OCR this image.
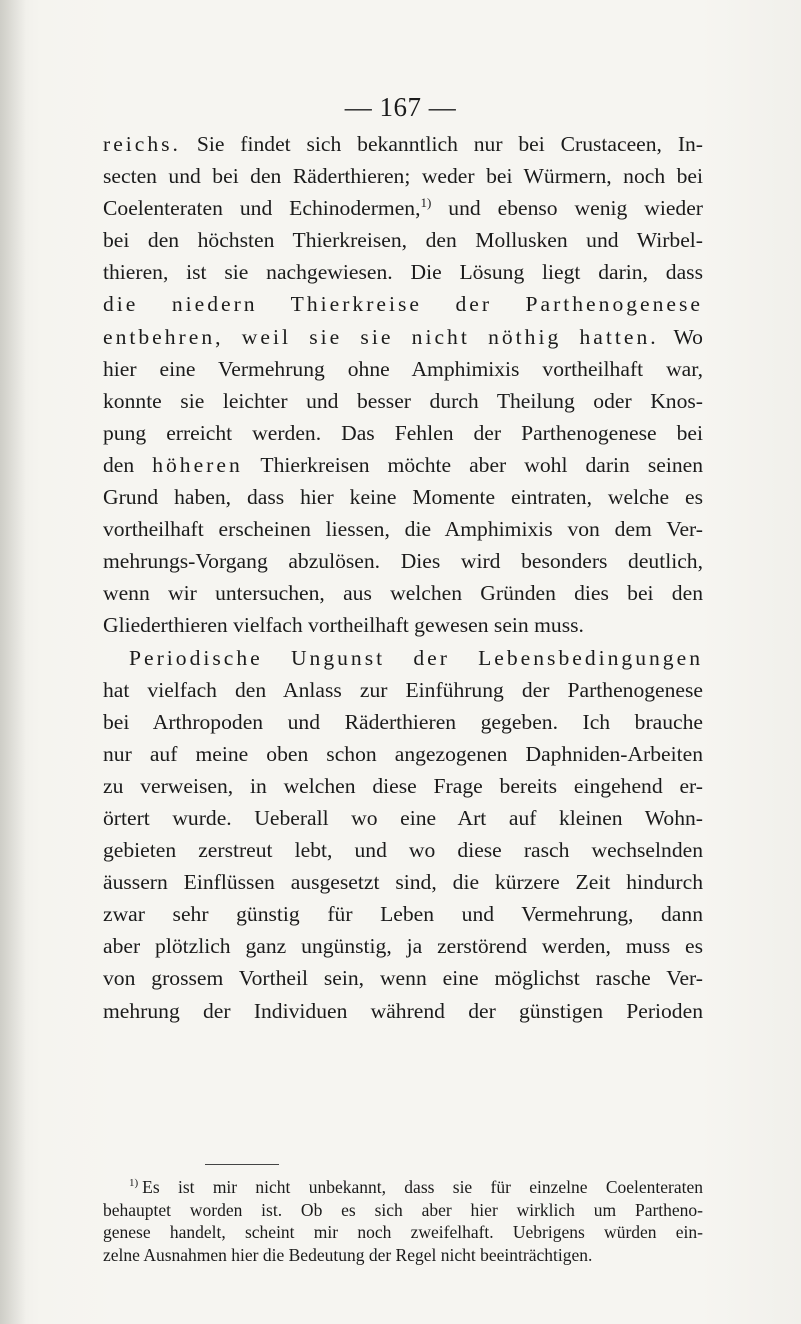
— 167 —
reichs. Sie findet sich bekanntlich nur bei Crustaceen, In-
secten und bei den Räderthieren; weder bei Würmern, noch bei
Coelenteraten und Echinodermen,$^{1)}$ und ebenso wenig wieder
bei den höchsten Thierkreisen, den Mollusken und Wirbel-
thieren, ist sie nachgewiesen. Die Lösung liegt darin, dass
die niedern Thierkreise der Parthenogenese
entbehren, weil sie sie nicht nöthig hatten. Wo
hier eine Vermehrung ohne Amphimixis vortheilhaft war,
konnte sie leichter und besser durch Theilung oder Knos-
pung erreicht werden. Das Fehlen der Parthenogenese bei
den höheren Thierkreisen möchte aber wohl darin seinen
Grund haben, dass hier keine Momente eintraten, welche es
vortheilhaft erscheinen liessen, die Amphimixis von dem Ver-
mehrungs-Vorgang abzulösen. Dies wird besonders deutlich,
wenn wir untersuchen, aus welchen Gründen dies bei den
Gliederthieren vielfach vortheilhaft gewesen sein muss.
Periodische Ungunst der Lebensbedingungen
hat vielfach den Anlass zur Einführung der Parthenogenese
bei Arthropoden und Räderthieren gegeben. Ich brauche
nur auf meine oben schon angezogenen Daphniden-Arbeiten
zu verweisen, in welchen diese Frage bereits eingehend er-
örtert wurde. Ueberall wo eine Art auf kleinen Wohn-
gebieten zerstreut lebt, und wo diese rasch wechselnden
äussern Einflüssen ausgesetzt sind, die kürzere Zeit hindurch
zwar sehr günstig für Leben und Vermehrung, dann
aber plötzlich ganz ungünstig, ja zerstörend werden, muss es
von grossem Vortheil sein, wenn eine möglichst rasche Ver-
mehrung der Individuen während der günstigen Perioden
$^{1)}$ Es ist mir nicht unbekannt, dass sie für einzelne Coelenteraten
behauptet worden ist. Ob es sich aber hier wirklich um Partheno-
genese handelt, scheint mir noch zweifelhaft. Uebrigens würden ein-
zelne Ausnahmen hier die Bedeutung der Regel nicht beeinträchtigen.
